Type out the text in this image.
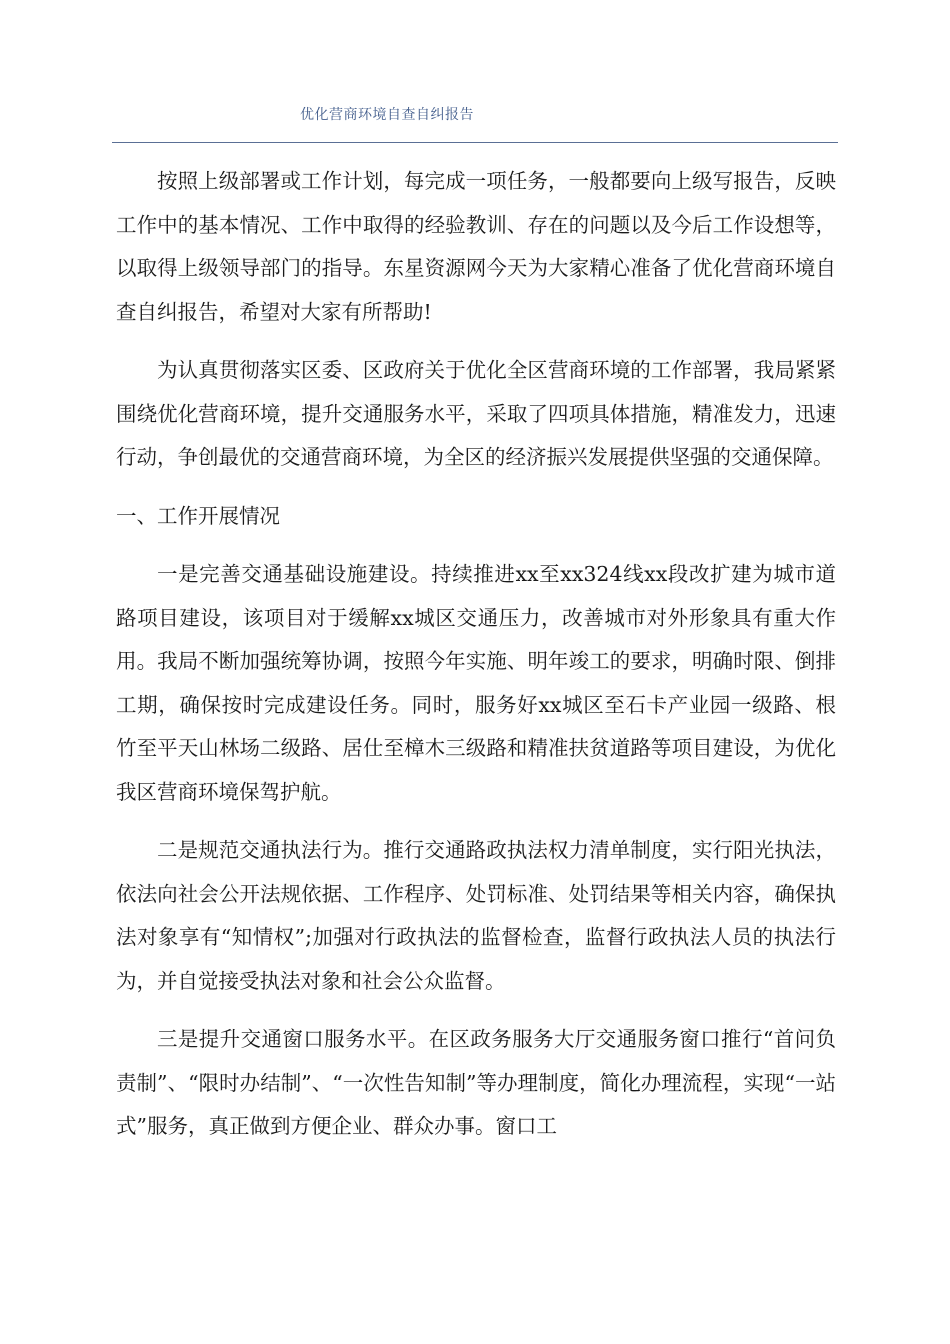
优化营商环境自查自纠报告

按照上级部署或工作计划，每完成一项任务，一般都要向上级写报告，反映工作中的基本情况、工作中取得的经验教训、存在的问题以及今后工作设想等，以取得上级领导部门的指导。东星资源网今天为大家精心准备了优化营商环境自查自纠报告，希望对大家有所帮助!

为认真贯彻落实区委、区政府关于优化全区营商环境的工作部署，我局紧紧围绕优化营商环境，提升交通服务水平，采取了四项具体措施，精准发力，迅速行动，争创最优的交通营商环境，为全区的经济振兴发展提供坚强的交通保障。

一、工作开展情况

一是完善交通基础设施建设。持续推进xx至xx324线xx段改扩建为城市道路项目建设，该项目对于缓解xx城区交通压力，改善城市对外形象具有重大作用。我局不断加强统筹协调，按照今年实施、明年竣工的要求，明确时限、倒排工期，确保按时完成建设任务。同时，服务好xx城区至石卡产业园一级路、根竹至平天山林场二级路、居仕至樟木三级路和精准扶贫道路等项目建设，为优化我区营商环境保驾护航。

二是规范交通执法行为。推行交通路政执法权力清单制度，实行阳光执法，依法向社会公开法规依据、工作程序、处罚标准、处罚结果等相关内容，确保执法对象享有“知情权”;加强对行政执法的监督检查，监督行政执法人员的执法行为，并自觉接受执法对象和社会公众监督。

三是提升交通窗口服务水平。在区政务服务大厅交通服务窗口推行“首问负责制”、“限时办结制”、“一次性告知制”等办理制度，简化办理流程，实现“一站式”服务，真正做到方便企业、群众办事。窗口工
